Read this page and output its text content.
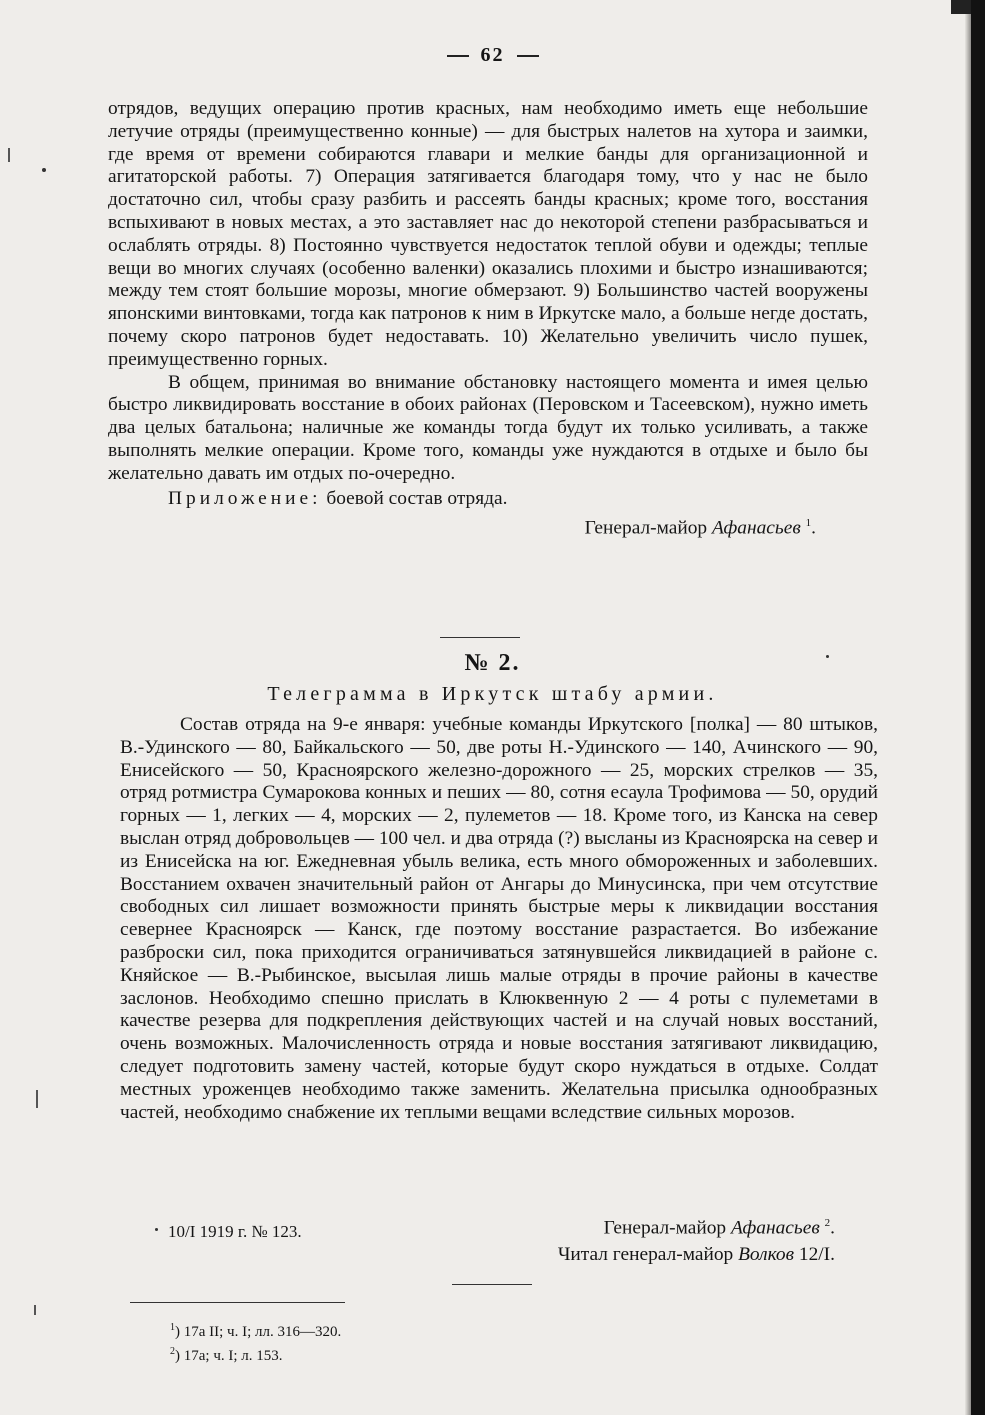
62

отрядов, ведущих операцию против красных, нам необходимо иметь еще небольшие летучие отряды (преимущественно конные) — для быстрых налетов на хутора и заимки, где время от времени собираются главари и мелкие банды для организационной и агитаторской работы. 7) Операция затягивается благодаря тому, что у нас не было достаточно сил, чтобы сразу разбить и рассеять банды красных; кроме того, восстания вспыхивают в новых местах, а это заставляет нас до некоторой степени разбрасываться и ослаблять отряды. 8) Постоянно чувствуется недостаток теплой обуви и одежды; теплые вещи во многих случаях (особенно валенки) оказались плохими и быстро изнашиваются; между тем стоят большие морозы, многие обмерзают. 9) Большинство частей вооружены японскими винтовками, тогда как патронов к ним в Иркутске мало, а больше негде достать, почему скоро патронов будет недоставать. 10) Желательно увеличить число пушек, преимущественно горных.

В общем, принимая во внимание обстановку настоящего момента и имея целью быстро ликвидировать восстание в обоих районах (Перовском и Тасеевском), нужно иметь два целых батальона; наличные же команды тогда будут их только усиливать, а также выполнять мелкие операции. Кроме того, команды уже нуждаются в отдыхе и было бы желательно давать им отдых по-очередно.

Приложение: боевой состав отряда.

Генерал-майор Афанасьев $^1$.

№ 2.
Телеграмма в Иркутск штабу армии.

Состав отряда на 9-е января: учебные команды Иркутского [полка] — 80 штыков, В.-Удинского — 80, Байкальского — 50, две роты Н.-Удинского — 140, Ачинского — 90, Енисейского — 50, Красноярского железно-дорожного — 25, морских стрелков — 35, отряд ротмистра Сумарокова конных и пеших — 80, сотня есаула Трофимова — 50, орудий горных — 1, легких — 4, морских — 2, пулеметов — 18. Кроме того, из Канска на север выслан отряд добровольцев — 100 чел. и два отряда (?) высланы из Красноярска на север и из Енисейска на юг. Ежедневная убыль велика, есть много обмороженных и заболевших. Восстанием охвачен значительный район от Ангары до Минусинска, при чем отсутствие свободных сил лишает возможности принять быстрые меры к ликвидации восстания севернее Красноярск — Канск, где поэтому восстание разрастается. Во избежание разброски сил, пока приходится ограничиваться затянувшейся ликвидацией в районе с. Княйское — В.-Рыбинское, высылая лишь малые отряды в прочие районы в качестве заслонов. Необходимо спешно прислать в Клюквенную 2 — 4 роты с пулеметами в качестве резерва для подкрепления действующих частей и на случай новых восстаний, очень возможных. Малочисленность отряда и новые восстания затягивают ликвидацию, следует подготовить замену частей, которые будут скоро нуждаться в отдыхе. Солдат местных уроженцев необходимо также заменить. Желательна присылка однообразных частей, необходимо снабжение их теплыми вещами вследствие сильных морозов.

10/I 1919 г. № 123.	Генерал-майор Афанасьев $^2$.
Читал генерал-майор Волков 12/I.
$^1$) 17а II; ч. I; лл. 316—320.
$^2$) 17а; ч. I; л. 153.
